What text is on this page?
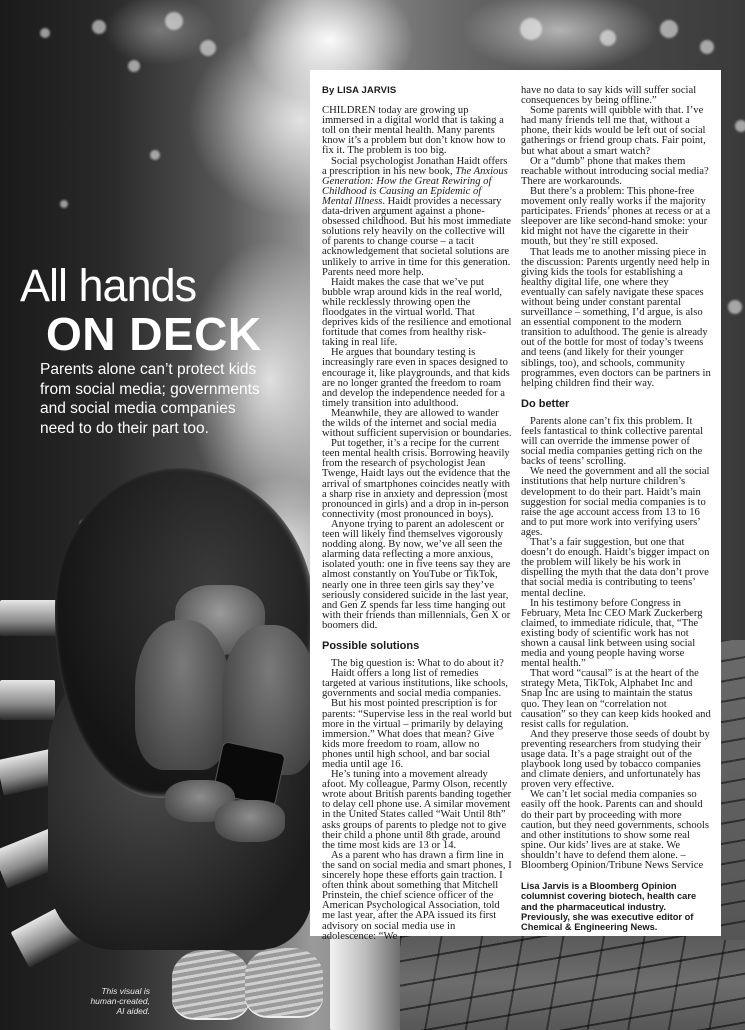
All hands
ON DECK
Parents alone can’t protect kids from social media; governments and social media companies need to do their part too.
This visual is human-created, AI aided.
By LISA JARVIS

CHILDREN today are growing up immersed in a digital world that is taking a toll on their mental health. Many parents know it’s a problem but don’t know how to fix it. The problem is too big.

Social psychologist Jonathan Haidt offers a prescription in his new book, The Anxious Generation: How the Great Rewiring of Childhood is Causing an Epidemic of Mental Illness. Haidt provides a necessary data-driven argument against a phone-obsessed childhood. But his most immediate solutions rely heavily on the collective will of parents to change course – a tacit acknowledgement that societal solutions are unlikely to arrive in time for this generation. Parents need more help.

Haidt makes the case that we’ve put bubble wrap around kids in the real world, while recklessly throwing open the floodgates in the virtual world. That deprives kids of the resilience and emotional fortitude that comes from healthy risk-taking in real life.

He argues that boundary testing is increasingly rare even in spaces designed to encourage it, like playgrounds, and that kids are no longer granted the freedom to roam and develop the independence needed for a timely transition into adulthood.

Meanwhile, they are allowed to wander the wilds of the internet and social media without sufficient supervision or boundaries.

Put together, it’s a recipe for the current teen mental health crisis. Borrowing heavily from the research of psychologist Jean Twenge, Haidt lays out the evidence that the arrival of smartphones coincides neatly with a sharp rise in anxiety and depression (most pronounced in girls) and a drop in in-person connectivity (most pronounced in boys).

Anyone trying to parent an adolescent or teen will likely find themselves vigorously nodding along. By now, we’ve all seen the alarming data reflecting a more anxious, isolated youth: one in five teens say they are almost constantly on YouTube or TikTok, nearly one in three teen girls say they’ve seriously considered suicide in the last year, and Gen Z spends far less time hanging out with their friends than millennials, Gen X or boomers did.

Possible solutions

The big question is: What to do about it?

Haidt offers a long list of remedies targeted at various institutions, like schools, governments and social media companies.

But his most pointed prescription is for parents: “Supervise less in the real world but more in the virtual – primarily by delaying immersion.” What does that mean? Give kids more freedom to roam, allow no phones until high school, and bar social media until age 16.

He’s tuning into a movement already afoot. My colleague, Parmy Olson, recently wrote about British parents banding together to delay cell phone use. A similar movement in the United States called “Wait Until 8th” asks groups of parents to pledge not to give their child a phone until 8th grade, around the time most kids are 13 or 14.

As a parent who has drawn a firm line in the sand on social media and smart phones, I sincerely hope these efforts gain traction. I often think about something that Mitchell Prinstein, the chief science officer of the American Psychological Association, told me last year, after the APA issued its first advisory on social media use in adolescence: “We

have no data to say kids will suffer social consequences by being offline.”

Some parents will quibble with that. I’ve had many friends tell me that, without a phone, their kids would be left out of social gatherings or friend group chats. Fair point, but what about a smart watch?

Or a “dumb” phone that makes them reachable without introducing social media? There are workarounds.

But there’s a problem: This phone-free movement only really works if the majority participates. Friends’ phones at recess or at a sleepover are like second-hand smoke: your kid might not have the cigarette in their mouth, but they’re still exposed.

That leads me to another missing piece in the discussion: Parents urgently need help in giving kids the tools for establishing a healthy digital life, one where they eventually can safely navigate these spaces without being under constant parental surveillance – something, I’d argue, is also an essential component to the modern transition to adulthood. The genie is already out of the bottle for most of today’s tweens and teens (and likely for their younger siblings, too), and schools, community programmes, even doctors can be partners in helping children find their way.

Do better

Parents alone can’t fix this problem. It feels fantastical to think collective parental will can override the immense power of social media companies getting rich on the backs of teens’ scrolling.

We need the government and all the social institutions that help nurture children’s development to do their part. Haidt’s main suggestion for social media companies is to raise the age account access from 13 to 16 and to put more work into verifying users’ ages.

That’s a fair suggestion, but one that doesn’t do enough. Haidt’s bigger impact on the problem will likely be his work in dispelling the myth that the data don’t prove that social media is contributing to teens’ mental decline.

In his testimony before Congress in February, Meta Inc CEO Mark Zuckerberg claimed, to immediate ridicule, that, “The existing body of scientific work has not shown a causal link between using social media and young people having worse mental health.”

That word “causal” is at the heart of the strategy Meta, TikTok, Alphabet Inc and Snap Inc are using to maintain the status quo. They lean on “correlation not causation” so they can keep kids hooked and resist calls for regulation.

And they preserve those seeds of doubt by preventing researchers from studying their usage data. It’s a page straight out of the playbook long used by tobacco companies and climate deniers, and unfortunately has proven very effective.

We can’t let social media companies so easily off the hook. Parents can and should do their part by proceeding with more caution, but they need governments, schools and other institutions to show some real spine. Our kids’ lives are at stake. We shouldn’t have to defend them alone. – Bloomberg Opinion/Tribune News Service

Lisa Jarvis is a Bloomberg Opinion columnist covering biotech, health care and the pharmaceutical industry. Previously, she was executive editor of Chemical & Engineering News.
